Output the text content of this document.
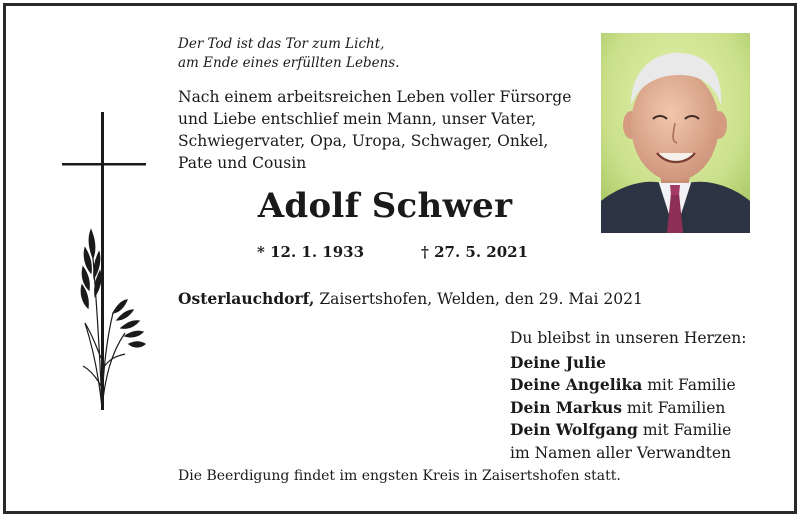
Der Tod ist das Tor zum Licht,
am Ende eines erfüllten Lebens.
Nach einem arbeitsreichen Leben voller Fürsorge
und Liebe entschlief mein Mann, unser Vater,
Schwiegervater, Opa, Uropa, Schwager, Onkel,
Pate und Cousin
Adolf Schwer
* 12. 1. 1933	† 27. 5. 2021
Osterlauchdorf, Zaisertshofen, Welden, den 29. Mai 2021
Du bleibst in unseren Herzen:
Deine Julie
Deine Angelika mit Familie
Dein Markus mit Familien
Dein Wolfgang mit Familie
im Namen aller Verwandten
Die Beerdigung findet im engsten Kreis in Zaisertshofen statt.
